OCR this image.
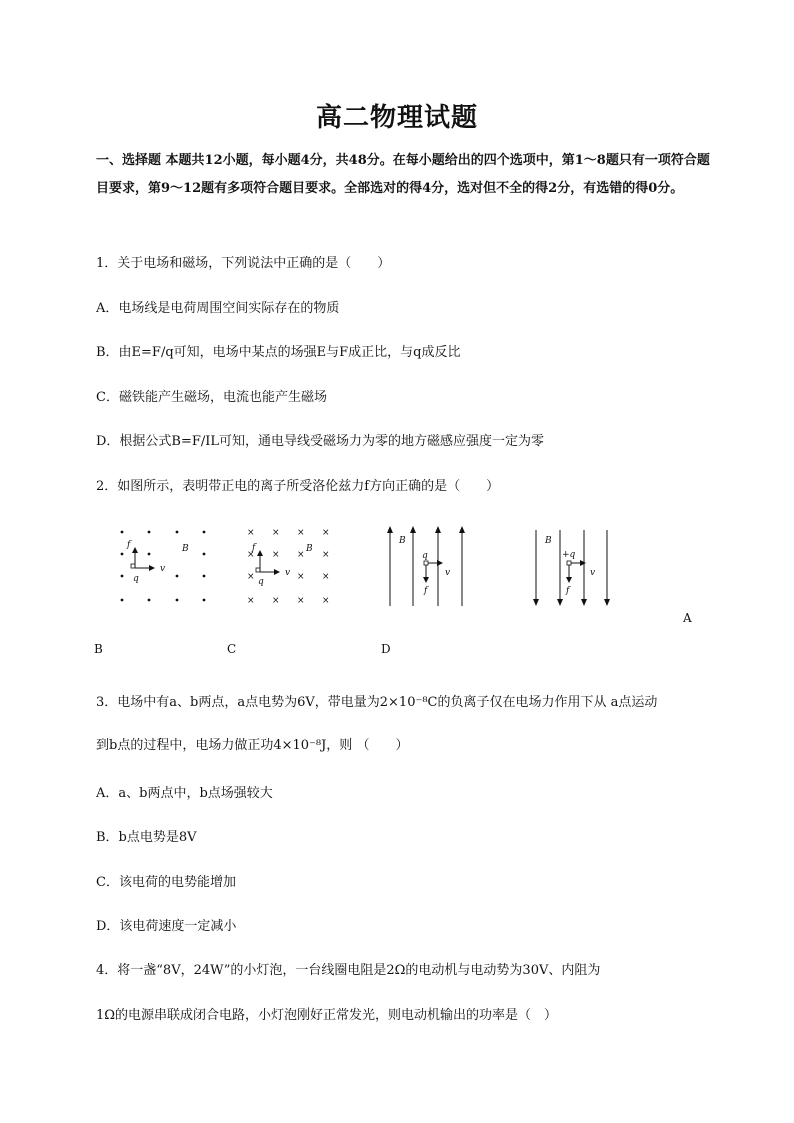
高二物理试题
一、选择题 本题共12小题，每小题4分，共48分。在每小题给出的四个选项中，第1～8题只有一项符合题目要求，第9～12题有多项符合题目要求。全部选对的得4分，选对但不全的得2分，有选错的得0分。
1．关于电场和磁场，下列说法中正确的是（　　）
A．电场线是电荷周围空间实际存在的物质
B．由E=F/q可知，电场中某点的场强E与F成正比，与q成反比
C．磁铁能产生磁场，电流也能产生磁场
D．根据公式B=F/IL可知，通电导线受磁场力为零的地方磁感应强度一定为零
2．如图所示，表明带正电的离子所受洛伦兹力f方向正确的是（　　）
f
q
v
B
× × × ×
× × × ×
×	× ×
× × × ×
f
q
v
B
B
q
v
f
B
+q
v
f
A
B	C	D
3．电场中有a、b两点，a点电势为6V，带电量为2×10⁻⁸C的负离子仅在电场力作用下从 a点运动
到b点的过程中，电场力做正功4×10⁻⁸J，则 （　　）
A．a、b两点中，b点场强较大
B．b点电势是8V
C．该电荷的电势能增加
D．该电荷速度一定减小
4．将一盏“8V，24W”的小灯泡，一台线圈电阻是2Ω的电动机与电动势为30V、内阻为
1Ω的电源串联成闭合电路，小灯泡刚好正常发光，则电动机输出的功率是（　）
